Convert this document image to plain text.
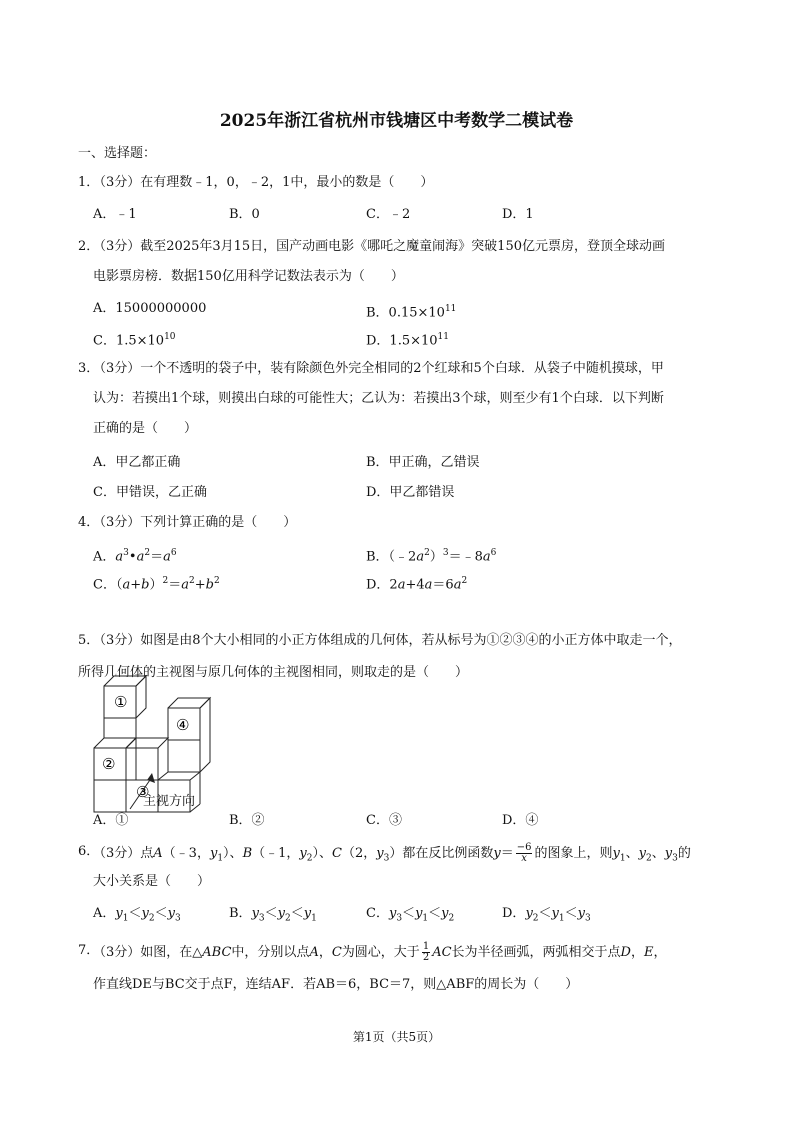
2025年浙江省杭州市钱塘区中考数学二模试卷
一、选择题：
1．
（3分）在有理数﹣1，0，﹣2，1中，最小的数是（　　）
A．﹣1	B．0	C．﹣2	D．1
2．
（3分）截至2025年3月15日，国产动画电影《哪吒之魔童闹海》突破150亿元票房，登顶全球动画
电影票房榜．数据150亿用科学记数法表示为（　　）
A．15000000000	B．$0.15\times 10^{11}$
C．$1.5\times 10^{10}$	D．$1.5\times 10^{11}$
3．
（3分）一个不透明的袋子中，装有除颜色外完全相同的2个红球和5个白球．从袋子中随机摸球，甲
认为：若摸出1个球，则摸出白球的可能性大；乙认为：若摸出3个球，则至少有1个白球．以下判断
正确的是（　　）
A．甲乙都正确	B．甲正确，乙错误
C．甲错误，乙正确	D．甲乙都错误
4．
（3分）下列计算正确的是（　　）
A．$a^3•a^2=a^6$	B．$(﹣2a^2)^3=﹣8a^6$
C．$(a+b)^2=a^2+b^2$	D．$2a+4a=6a^2$
5．
（3分）如图是由8个大小相同的小正方体组成的几何体，若从标号为①②③④的小正方体中取走一个，
所得几何体的主视图与原几何体的主视图相同，则取走的是（　　）
①
②
③
④
主视方向
A．①	B．②	C．③	D．④
6．
（3分）点A（﹣3，$y_1$）、B（﹣1，$y_2$）、C（2，$y_3$）都在反比例函数$y= \frac{-6}{x}$ 的图象上，则$y_1$、$y_2$、$y_3$的
大小关系是（　　）
A．$y_1<y_2<y_3$	B．$y_3<y_2<y_1$	C．$y_3<y_1<y_2$	D．$y_2<y_1<y_3$
7．
（3分）如图，在△ABC中，分别以点A，C为圆心，大于 $\frac{1}{2}$ AC长为半径画弧，两弧相交于点D，E，
作直线DE与BC交于点F，连结AF．若AB＝6，BC＝7，则△ABF的周长为（　　）
第1页（共5页）
